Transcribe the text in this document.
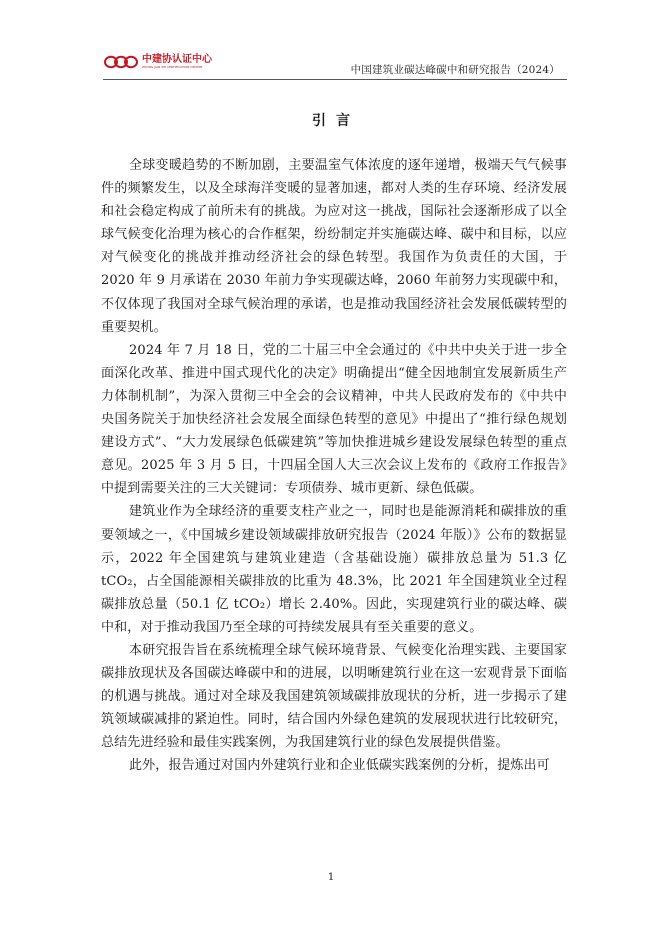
中建协认证中心
ZHONG JIAN XIE CERTIFICATION CENTRE	中国建筑业碳达峰碳中和研究报告（2024）
引言

全球变暖趋势的不断加剧，主要温室气体浓度的逐年递增，极端天气气候事件的频繁发生，以及全球海洋变暖的显著加速，都对人类的生存环境、经济发展和社会稳定构成了前所未有的挑战。为应对这一挑战，国际社会逐渐形成了以全球气候变化治理为核心的合作框架，纷纷制定并实施碳达峰、碳中和目标，以应对气候变化的挑战并推动经济社会的绿色转型。我国作为负责任的大国，于 2020 年 9 月承诺在 2030 年前力争实现碳达峰，2060 年前努力实现碳中和，不仅体现了我国对全球气候治理的承诺，也是推动我国经济社会发展低碳转型的重要契机。

2024 年 7 月 18 日，党的二十届三中全会通过的《中共中央关于进一步全面深化改革、推进中国式现代化的决定》明确提出“健全因地制宜发展新质生产力体制机制”，为深入贯彻三中全会的会议精神，中共人民政府发布的《中共中央国务院关于加快经济社会发展全面绿色转型的意见》中提出了“推行绿色规划建设方式”、“大力发展绿色低碳建筑”等加快推进城乡建设发展绿色转型的重点意见。2025 年 3 月 5 日，十四届全国人大三次会议上发布的《政府工作报告》中提到需要关注的三大关键词：专项债券、城市更新、绿色低碳。

建筑业作为全球经济的重要支柱产业之一，同时也是能源消耗和碳排放的重要领域之一，《中国城乡建设领域碳排放研究报告（2024 年版）》公布的数据显示，2022 年全国建筑与建筑业建造（含基础设施）碳排放总量为 51.3 亿 tCO₂，占全国能源相关碳排放的比重为 48.3%，比 2021 年全国建筑业全过程碳排放总量（50.1 亿 tCO₂）增长 2.40%。因此，实现建筑行业的碳达峰、碳中和，对于推动我国乃至全球的可持续发展具有至关重要的意义。

本研究报告旨在系统梳理全球气候环境背景、气候变化治理实践、主要国家碳排放现状及各国碳达峰碳中和的进展，以明晰建筑行业在这一宏观背景下面临的机遇与挑战。通过对全球及我国建筑领域碳排放现状的分析，进一步揭示了建筑领域碳减排的紧迫性。同时，结合国内外绿色建筑的发展现状进行比较研究，总结先进经验和最佳实践案例，为我国建筑行业的绿色发展提供借鉴。

此外，报告通过对国内外建筑行业和企业低碳实践案例的分析，提炼出可

1
